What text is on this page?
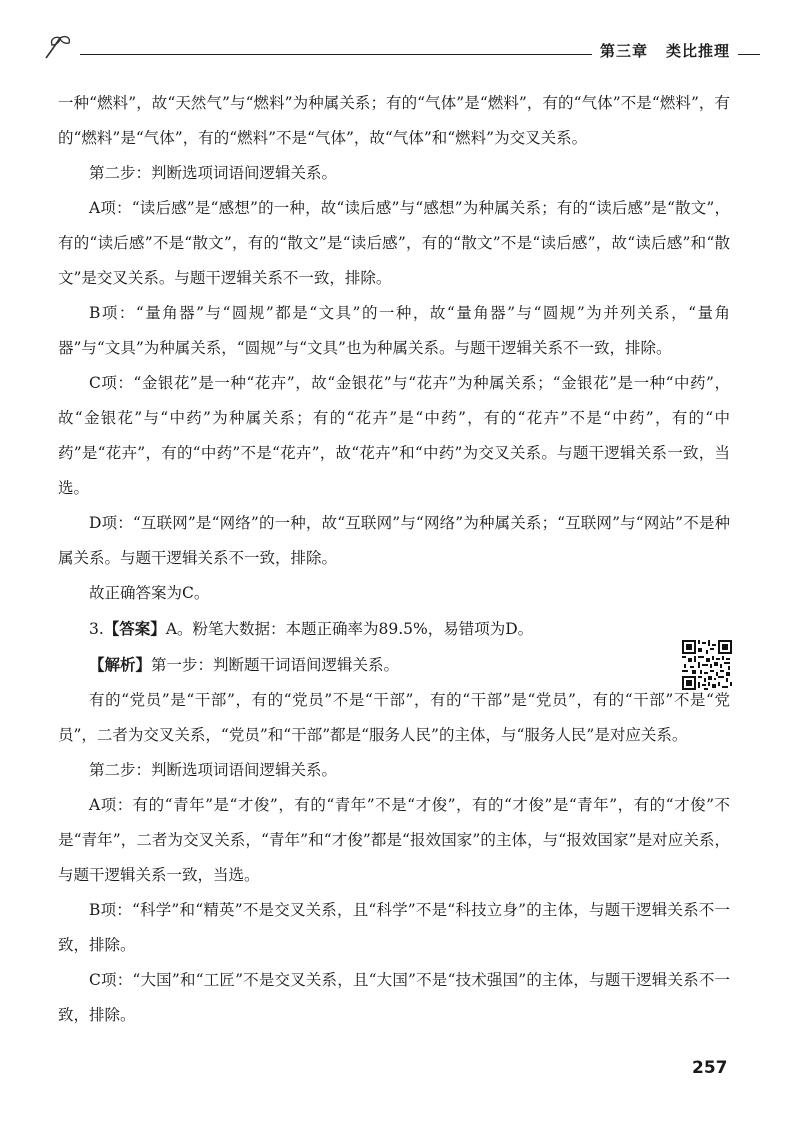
第三章 类比推理

一种“燃料”，故“天然气”与“燃料”为种属关系；有的“气体”是“燃料”，有的“气体”不是“燃料”，有的“燃料”是“气体”，有的“燃料”不是“气体”，故“气体”和“燃料”为交叉关系。

第二步：判断选项词语间逻辑关系。

A项：“读后感”是“感想”的一种，故“读后感”与“感想”为种属关系；有的“读后感”是“散文”，有的“读后感”不是“散文”，有的“散文”是“读后感”，有的“散文”不是“读后感”，故“读后感”和“散文”是交叉关系。与题干逻辑关系不一致，排除。

B项：“量角器”与“圆规”都是“文具”的一种，故“量角器”与“圆规”为并列关系，“量角器”与“文具”为种属关系，“圆规”与“文具”也为种属关系。与题干逻辑关系不一致，排除。

C项：“金银花”是一种“花卉”，故“金银花”与“花卉”为种属关系；“金银花”是一种“中药”，故“金银花”与“中药”为种属关系；有的“花卉”是“中药”，有的“花卉”不是“中药”，有的“中药”是“花卉”，有的“中药”不是“花卉”，故“花卉”和“中药”为交叉关系。与题干逻辑关系一致，当选。

D项：“互联网”是“网络”的一种，故“互联网”与“网络”为种属关系；“互联网”与“网站”不是种属关系。与题干逻辑关系不一致，排除。

故正确答案为C。

3.【答案】A。粉笔大数据：本题正确率为89.5%，易错项为D。

【解析】第一步：判断题干词语间逻辑关系。

有的“党员”是“干部”，有的“党员”不是“干部”，有的“干部”是“党员”，有的“干部”不是“党员”，二者为交叉关系，“党员”和“干部”都是“服务人民”的主体，与“服务人民”是对应关系。

第二步：判断选项词语间逻辑关系。

A项：有的“青年”是“才俊”，有的“青年”不是“才俊”，有的“才俊”是“青年”，有的“才俊”不是“青年”，二者为交叉关系，“青年”和“才俊”都是“报效国家”的主体，与“报效国家”是对应关系，与题干逻辑关系一致，当选。

B项：“科学”和“精英”不是交叉关系，且“科学”不是“科技立身”的主体，与题干逻辑关系不一致，排除。

C项：“大国”和“工匠”不是交叉关系，且“大国”不是“技术强国”的主体，与题干逻辑关系不一致，排除。

257
